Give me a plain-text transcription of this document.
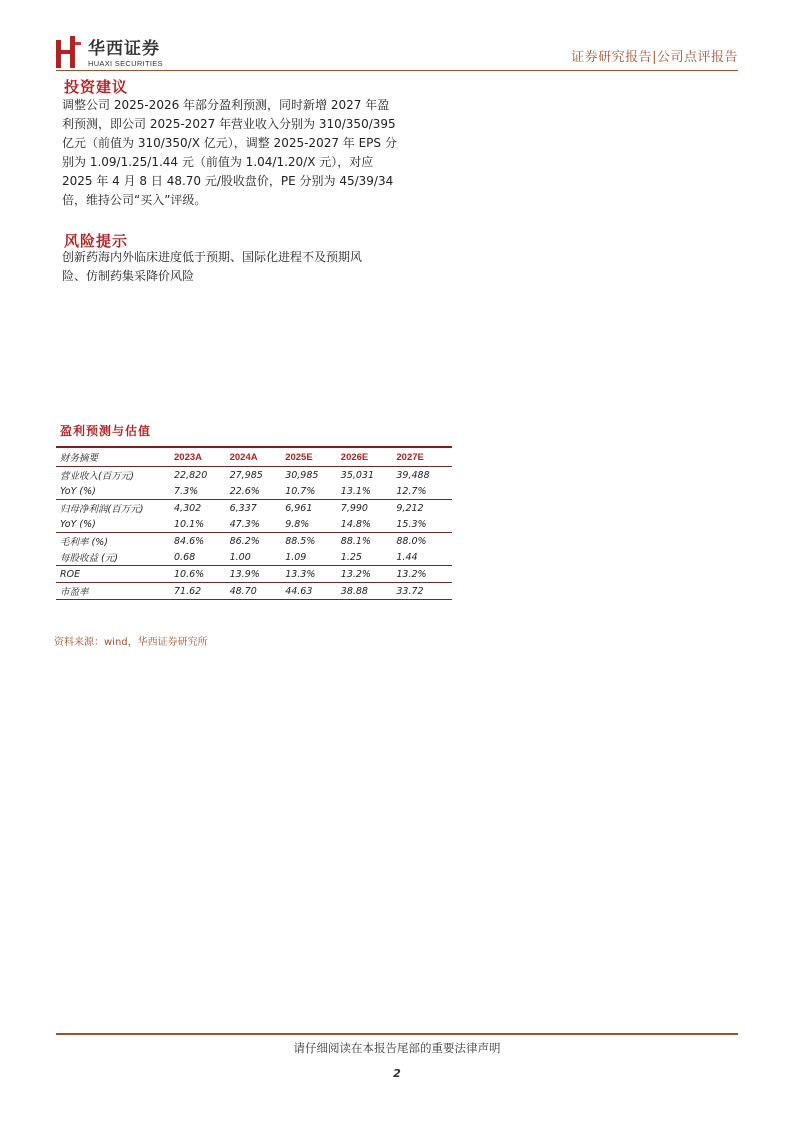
华西证券
HUAXI SECURITIES	证券研究报告|公司点评报告
投资建议
调整公司 2025-2026 年部分盈利预测，同时新增 2027 年盈
利预测，即公司 2025-2027 年营业收入分别为 310/350/395
亿元（前值为 310/350/X 亿元），调整 2025-2027 年 EPS 分
别为 1.09/1.25/1.44 元（前值为 1.04/1.20/X 元），对应
2025 年 4 月 8 日 48.70 元/股收盘价，PE 分别为 45/39/34
倍，维持公司“买入”评级。
风险提示
创新药海内外临床进度低于预期、国际化进程不及预期风
险、仿制药集采降价风险
盈利预测与估值
财务摘要	2023A	2024A	2025E	2026E	2027E
营业收入(百万元)	22,820	27,985	30,985	35,031	39,488
YoY (%)	7.3%	22.6%	10.7%	13.1%	12.7%
归母净利润(百万元)	4,302	6,337	6,961	7,990	9,212
YoY (%)	10.1%	47.3%	9.8%	14.8%	15.3%
毛利率 (%)	84.6%	86.2%	88.5%	88.1%	88.0%
每股收益 (元)	0.68	1.00	1.09	1.25	1.44
ROE	10.6%	13.9%	13.3%	13.2%	13.2%
市盈率	71.62	48.70	44.63	38.88	33.72
资料来源：wind，华西证券研究所
请仔细阅读在本报告尾部的重要法律声明
2
